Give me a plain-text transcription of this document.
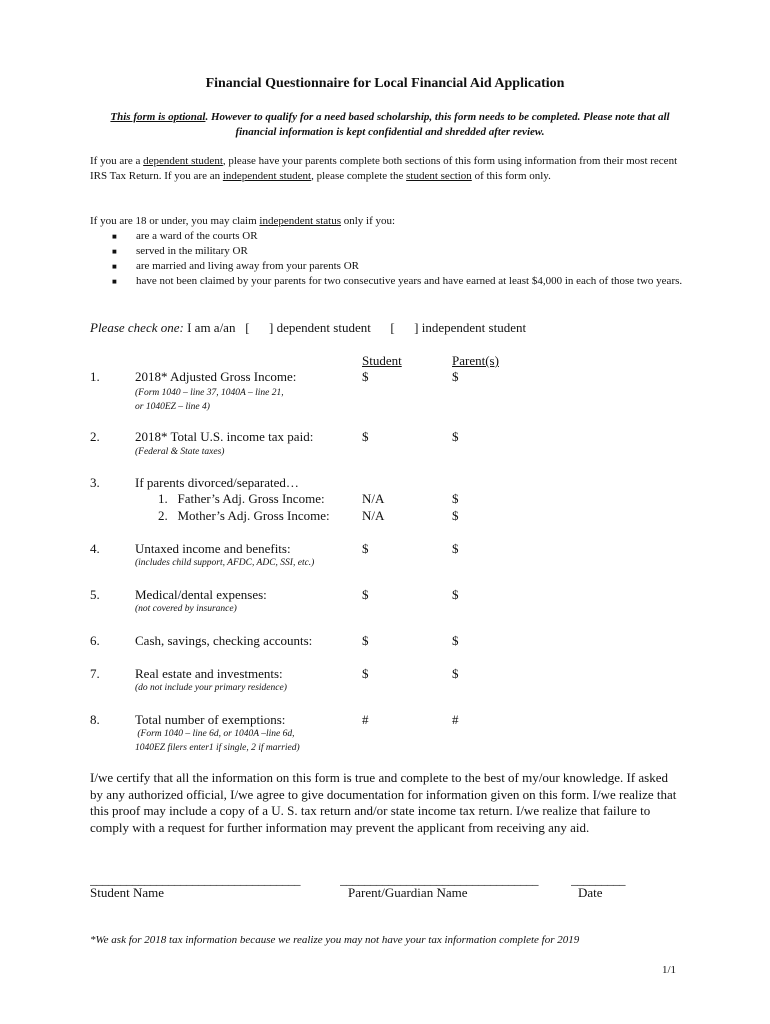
Financial Questionnaire for Local Financial Aid Application
This form is optional. However to qualify for a need based scholarship, this form needs to be completed. Please note that all financial information is kept confidential and shredded after review.
If you are a dependent student, please have your parents complete both sections of this form using information from their most recent IRS Tax Return. If you are an independent student, please complete the student section of this form only.
If you are 18 or under, you may claim independent status only if you:
■ are a ward of the courts OR
■ served in the military OR
■ are married and living away from your parents OR
■ have not been claimed by your parents for two consecutive years and have earned at least $4,000 in each of those two years.
Please check one: I am a/an   [      ] dependent student      [      ] independent student
Student	Parent(s)
1.	2018* Adjusted Gross Income:
(Form 1040 – line 37, 1040A – line 21,
or 1040EZ – line 4)
$	$
2.	2018* Total U.S. income tax paid:
(Federal & State taxes)
$	$
3.	If parents divorced/separated…
1.   Father’s Adj. Gross Income:	N/A	$
2.   Mother’s Adj. Gross Income: N/A	$
4.	Untaxed income and benefits:
(includes child support, AFDC, ADC, SSI, etc.)
$	$
5.	Medical/dental expenses:
(not covered by insurance)
$	$
6.	Cash, savings, checking accounts:	$	$
7.	Real estate and investments:
(do not include your primary residence)
$	$
8.	Total number of exemptions:
(Form 1040 – line 6d, or 1040A –line 6d,
1040EZ filers enter1 if single, 2 if married)
#	#
I/we certify that all the information on this form is true and complete to the best of my/our knowledge. If asked by any authorized official, I/we agree to give documentation for information given on this form. I/we realize that this proof may include a copy of a U. S. tax return and/or state income tax return. I/we realize that failure to comply with a request for further information may prevent the applicant from receiving any aid.
___________________________________	_________________________________	_________
Student Name	Parent/Guardian Name	Date
*We ask for 2018 tax information because we realize you may not have your tax information complete for 2019
1/1
